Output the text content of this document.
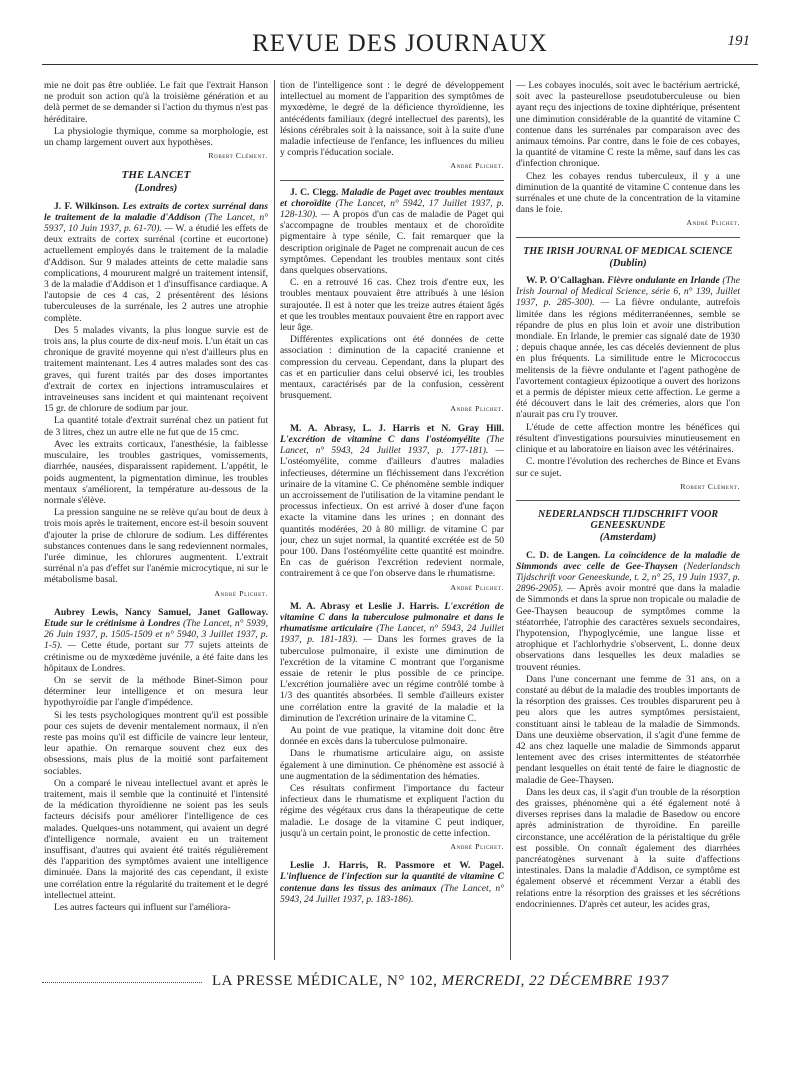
REVUE DES JOURNAUX	191

mie ne doit pas être oubliée. Le fait que l'extrait Hanson ne produit son action qu'à la troisième génération et au delà permet de se demander si l'action du thymus n'est pas héréditaire.

La physiologie thymique, comme sa morphologie, est un champ largement ouvert aux hypothèses.

Robert Clément.
THE LANCET
(Londres)

J. F. Wilkinson. Les extraits de cortex surrénal dans le traitement de la maladie d'Addison (The Lancet, n° 5937, 10 Juin 1937, p. 61-70). — W. a étudié les effets de deux extraits de cortex surrénal (cortine et eucortone) actuellement employés dans le traitement de la maladie d'Addison. Sur 9 malades atteints de cette maladie sans complications, 4 moururent malgré un traitement intensif, 3 de la maladie d'Addison et 1 d'insuffisance cardiaque. A l'autopsie de ces 4 cas, 2 présentèrent des lésions tuberculeuses de la surrénale, les 2 autres une atrophie complète.

Des 5 malades vivants, la plus longue survie est de trois ans, la plus courte de dix-neuf mois. L'un était un cas chronique de gravité moyenne qui n'est d'ailleurs plus en traitement maintenant. Les 4 autres malades sont des cas graves, qui furent traités par des doses importantes d'extrait de cortex en injections intramusculaires et intraveineuses sans incident et qui maintenant reçoivent 15 gr. de chlorure de sodium par jour.

La quantité totale d'extrait surrénal chez un patient fut de 3 litres, chez un autre elle ne fut que de 15 cmc.

Avec les extraits corticaux, l'anesthésie, la faiblesse musculaire, les troubles gastriques, vomissements, diarrhée, nausées, disparaissent rapidement. L'appétit, le poids augmentent, la pigmentation diminue, les troubles mentaux s'améliorent, la température au-dessous de la normale s'élève.

La pression sanguine ne se relève qu'au bout de deux à trois mois après le traitement, encore est-il besoin souvent d'ajouter la prise de chlorure de sodium. Les différentes substances contenues dans le sang redeviennent normales, l'urée diminue, les chlorures augmentent. L'extrait surrénal n'a pas d'effet sur l'anémie microcytique, ni sur le métabolisme basal.

André Plichet.

Aubrey Lewis, Nancy Samuel, Janet Galloway. Etude sur le crétinisme à Londres (The Lancet, n° 5939, 26 Juin 1937, p. 1505-1509 et n° 5940, 3 Juillet 1937, p. 1-5). — Cette étude, portant sur 77 sujets atteints de crétinisme ou de myxœdème juvénile, a été faite dans les hôpitaux de Londres.

On se servit de la méthode Binet-Simon pour déterminer leur intelligence et on mesura leur hypothyroïdie par l'angle d'impédence.

Si les tests psychologiques montrent qu'il est possible pour ces sujets de devenir mentalement normaux, il n'en reste pas moins qu'il est difficile de vaincre leur lenteur, leur apathie. On remarque souvent chez eux des obsessions, mais plus de la moitié sont parfaitement sociables.

On a comparé le niveau intellectuel avant et après le traitement, mais il semble que la continuité et l'intensité de la médication thyroïdienne ne soient pas les seuls facteurs décisifs pour améliorer l'intelligence de ces malades. Quelques-uns notamment, qui avaient un degré d'intelligence normale, avaient eu un traitement insuffisant, d'autres qui avaient été traités régulièrement dès l'apparition des symptômes avaient une intelligence diminuée. Dans la majorité des cas cependant, il existe une corrélation entre la régularité du traitement et le degré intellectuel atteint.

Les autres facteurs qui influent sur l'améliora-

tion de l'intelligence sont : le degré de développement intellectuel au moment de l'apparition des symptômes de myxœdème, le degré de la déficience thyroïdienne, les antécédents familiaux (degré intellectuel des parents), les lésions cérébrales soit à la naissance, soit à la suite d'une maladie infectieuse de l'enfance, les influences du milieu y compris l'éducation sociale.

André Plichet.

J. C. Clegg. Maladie de Paget avec troubles mentaux et choroïdite (The Lancet, n° 5942, 17 Juillet 1937, p. 128-130). — A propos d'un cas de maladie de Paget qui s'accompagne de troubles mentaux et de choroïdite pigmentaire à type sénile, C. fait remarquer que la description originale de Paget ne comprenait aucun de ces symptômes. Cependant les troubles mentaux sont cités dans quelques observations.

C. en a retrouvé 16 cas. Chez trois d'entre eux, les troubles mentaux pouvaient être attribués à une lésion surajoutée. Il est à noter que les treize autres étaient âgés et que les troubles mentaux pouvaient être en rapport avec leur âge.

Différentes explications ont été données de cette association : diminution de la capacité cranienne et compression du cerveau. Cependant, dans la plupart des cas et en particulier dans celui observé ici, les troubles mentaux, caractérisés par de la confusion, cessèrent brusquement.

André Plichet.

M. A. Abrasy, L. J. Harris et N. Gray Hill. L'excrétion de vitamine C dans l'ostéomyélite (The Lancet, n° 5943, 24 Juillet 1937, p. 177-181). — L'ostéomyélite, comme d'ailleurs d'autres maladies infectieuses, détermine un fléchissement dans l'excrétion urinaire de la vitamine C. Ce phénomène semble indiquer un accroissement de l'utilisation de la vitamine pendant le processus infectieux. On est arrivé à doser d'une façon exacte la vitamine dans les urines ; en donnant des quantités modérées, 20 à 80 milligr. de vitamine C par jour, chez un sujet normal, la quantité excrétée est de 50 pour 100. Dans l'ostéomyélite cette quantité est moindre. En cas de guérison l'excrétion redevient normale, contrairement à ce que l'on observe dans le rhumatisme.

André Plichet.

M. A. Abrasy et Leslie J. Harris. L'excrétion de vitamine C dans la tuberculose pulmonaire et dans le rhumatisme articulaire (The Lancet, n° 5943, 24 Juillet 1937, p. 181-183). — Dans les formes graves de la tuberculose pulmonaire, il existe une diminution de l'excrétion de la vitamine C montrant que l'organisme essaie de retenir le plus possible de ce principe. L'excrétion journalière avec un régime contrôlé tombe à 1/3 des quantités absorbées. Il semble d'ailleurs exister une corrélation entre la gravité de la maladie et la diminution de l'excrétion urinaire de la vitamine C.

Au point de vue pratique, la vitamine doit donc être donnée en excès dans la tuberculose pulmonaire.

Dans le rhumatisme articulaire aigu, on assiste également à une diminution. Ce phénomène est associé à une augmentation de la sédimentation des hématies.

Ces résultats confirment l'importance du facteur infectieux dans le rhumatisme et expliquent l'action du régime des végétaux crus dans la thérapeutique de cette maladie. Le dosage de la vitamine C peut indiquer, jusqu'à un certain point, le pronostic de cette infection.

André Plichet.

Leslie J. Harris, R. Passmore et W. Pagel. L'influence de l'infection sur la quantité de vitamine C contenue dans les tissus des animaux (The Lancet, n° 5943, 24 Juillet 1937, p. 183-186).

— Les cobayes inoculés, soit avec le bactérium aertrické, soit avec la pasteurellose pseudotuberculeuse ou bien ayant reçu des injections de toxine diphtérique, présentent une diminution considérable de la quantité de vitamine C contenue dans les surrénales par comparaison avec des animaux témoins. Par contre, dans le foie de ces cobayes, la quantité de vitamine C reste la même, sauf dans les cas d'infection chronique.

Chez les cobayes rendus tuberculeux, il y a une diminution de la quantité de vitamine C contenue dans les surrénales et une chute de la concentration de la vitamine dans le foie.

André Plichet.
THE IRISH JOURNAL OF MEDICAL SCIENCE
(Dublin)

W. P. O'Callaghan. Fièvre ondulante en Irlande (The Irish Journal of Medical Science, série 6, n° 139, Juillet 1937, p. 285-300). — La fièvre ondulante, autrefois limitée dans les régions méditerranéennes, semble se répandre de plus en plus loin et avoir une distribution mondiale. En Irlande, le premier cas signalé date de 1930 ; depuis chaque année, les cas décelés deviennent de plus en plus fréquents. La similitude entre le Micrococcus melitensis de la fièvre ondulante et l'agent pathogène de l'avortement contagieux épizootique a ouvert des horizons et a permis de dépister mieux cette affection. Le germe a été découvert dans le lait des crémeries, alors que l'on n'aurait pas cru l'y trouver.

L'étude de cette affection montre les bénéfices qui résultent d'investigations poursuivies minutieusement en clinique et au laboratoire en liaison avec les vétérinaires.

C. montre l'évolution des recherches de Bince et Evans sur ce sujet.

Robert Clément.
NEDERLANDSCH TIJDSCHRIFT VOOR GENEESKUNDE
(Amsterdam)

C. D. de Langen. La coïncidence de la maladie de Simmonds avec celle de Gee-Thaysen (Nederlandsch Tijdschrift voor Geneeskunde, t. 2, n° 25, 19 Juin 1937, p. 2896-2905). — Après avoir montré que dans la maladie de Simmonds et dans la sprue non tropicale ou maladie de Gee-Thaysen beaucoup de symptômes comme la stéatorrhée, l'atrophie des caractères sexuels secondaires, l'hypotension, l'hypoglycémie, une langue lisse et atrophique et l'achlorhydrie s'observent, L. donne deux observations dans lesquelles les deux maladies se trouvent réunies.

Dans l'une concernant une femme de 31 ans, on a constaté au début de la maladie des troubles importants de la résorption des graisses. Ces troubles disparurent peu à peu alors que les autres symptômes persistaient, constituant ainsi le tableau de la maladie de Simmonds. Dans une deuxième observation, il s'agit d'une femme de 42 ans chez laquelle une maladie de Simmonds apparut lentement avec des crises intermittentes de stéatorrhée pendant lesquelles on était tenté de faire le diagnostic de maladie de Gee-Thaysen.

Dans les deux cas, il s'agit d'un trouble de la résorption des graisses, phénomène qui a été également noté à diverses reprises dans la maladie de Basedow ou encore après administration de thyroïdine. En pareille circonstance, une accélération de la péristaltique du grêle est possible. On connaît également des diarrhées pancréatogènes survenant à la suite d'affections intestinales. Dans la maladie d'Addison, ce symptôme est également observé et récemment Verzar a établi des relations entre la résorption des graisses et les sécrétions endocriniennes. D'après cet auteur, les acides gras,

LA PRESSE MÉDICALE, N° 102, MERCREDI, 22 DÉCEMBRE 1937
